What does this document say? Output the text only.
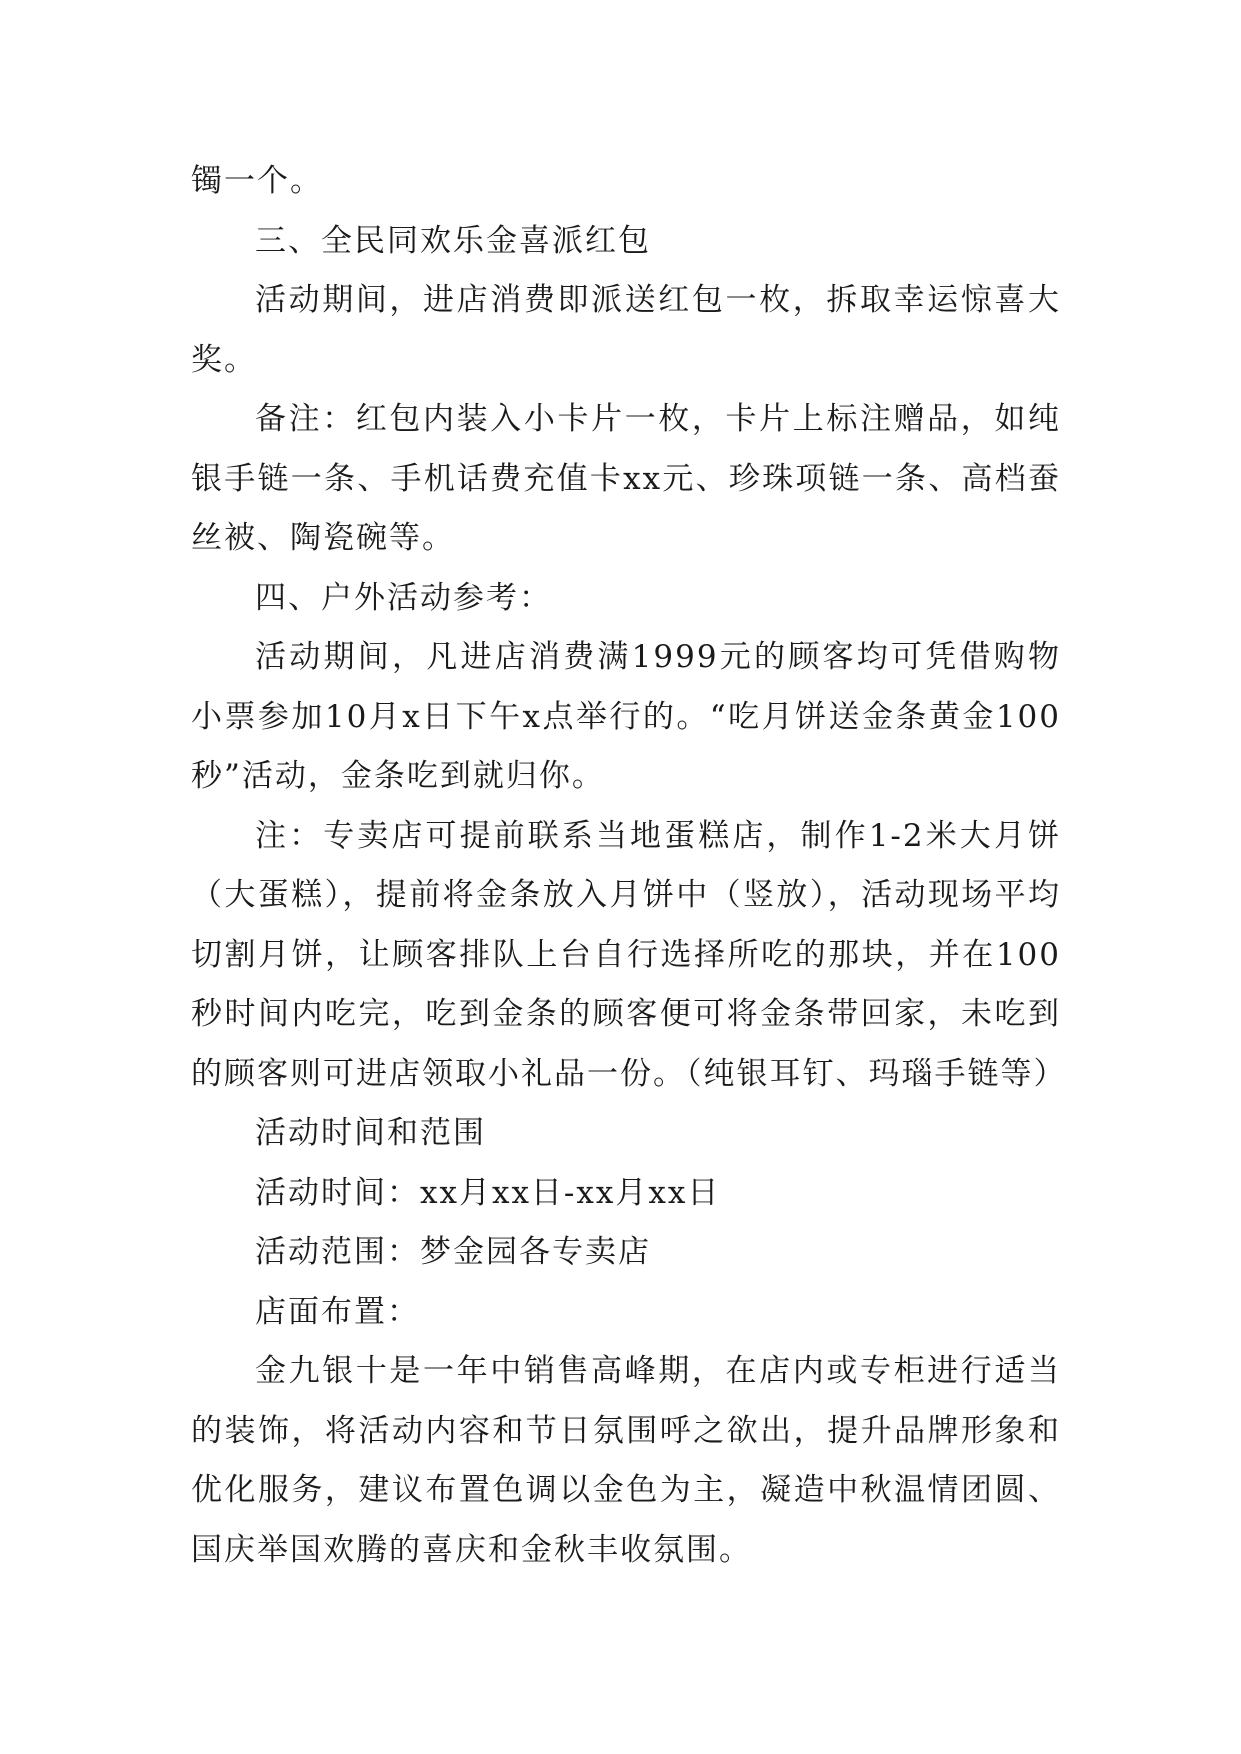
镯一个。

三、全民同欢乐金喜派红包

活动期间，进店消费即派送红包一枚，拆取幸运惊喜大奖。

备注：红包内装入小卡片一枚，卡片上标注赠品，如纯银手链一条、手机话费充值卡xx元、珍珠项链一条、高档蚕丝被、陶瓷碗等。

四、户外活动参考：

活动期间，凡进店消费满1999元的顾客均可凭借购物小票参加10月x日下午x点举行的。“吃月饼送金条黄金100秒”活动，金条吃到就归你。

注：专卖店可提前联系当地蛋糕店，制作1-2米大月饼（大蛋糕），提前将金条放入月饼中（竖放），活动现场平均切割月饼，让顾客排队上台自行选择所吃的那块，并在100秒时间内吃完，吃到金条的顾客便可将金条带回家，未吃到的顾客则可进店领取小礼品一份。（纯银耳钉、玛瑙手链等）

活动时间和范围

活动时间：xx月xx日-xx月xx日

活动范围：梦金园各专卖店

店面布置：

金九银十是一年中销售高峰期，在店内或专柜进行适当的装饰，将活动内容和节日氛围呼之欲出，提升品牌形象和优化服务，建议布置色调以金色为主，凝造中秋温情团圆、国庆举国欢腾的喜庆和金秋丰收氛围。
